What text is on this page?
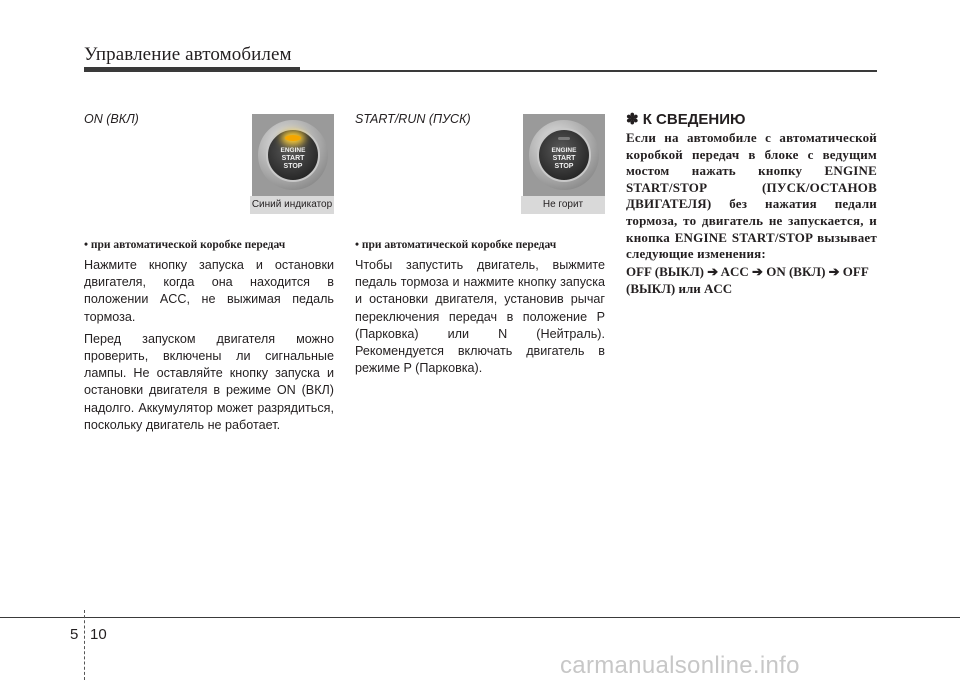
Управление автомобилем
ON (ВКЛ)
ENGINE
START
STOP
Синий индикатор
• при автоматической коробке передач

Нажмите кнопку запуска и остановки двигателя, когда она находится в положении ACC, не выжимая педаль тормоза.

Перед запуском двигателя можно проверить, включены ли сигнальные лампы. Не оставляйте кнопку запуска и остановки двигателя в режиме ON (ВКЛ) надолго. Аккумулятор может разрядиться, поскольку двигатель не работает.

START/RUN (ПУСК)
ENGINE
START
STOP
Не горит
• при автоматической коробке передач

Чтобы запустить двигатель, выжмите педаль тормоза и нажмите кнопку запуска и остановки двигателя, установив рычаг переключения передач в положение P (Парковка) или N (Нейтраль). Рекомендуется включать двигатель в режиме P (Парковка).

✽ К СВЕДЕНИЮ
Если на автомобиле с автоматической коробкой передач в блоке с ведущим мостом нажать кнопку ENGINE START/STOP (ПУСК/ОСТАНОВ ДВИГАТЕЛЯ) без нажатия педали тормоза, то двигатель не запускается, и кнопка ENGINE START/STOP вызывает следующие изменения:
OFF (ВЫКЛ) ➔ ACC ➔ ON (ВКЛ) ➔ OFF (ВЫКЛ) или ACC
5 10
carmanualsonline.info
